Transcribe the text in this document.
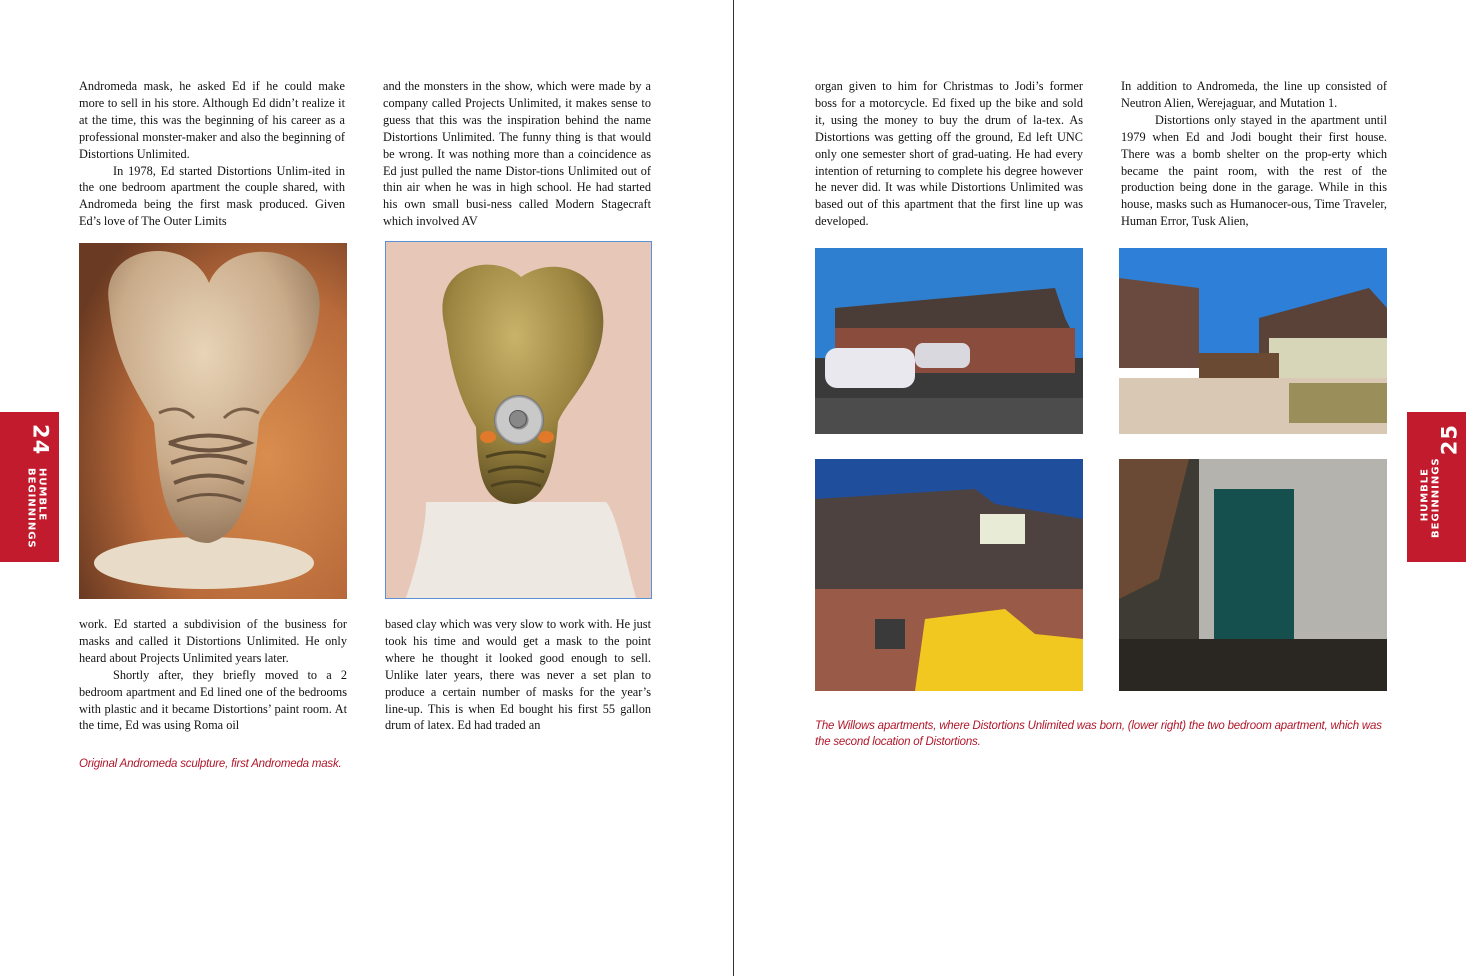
24
HUMBLE BEGINNINGS

Andromeda mask, he asked Ed if he could make more to sell in his store. Although Ed didn’t realize it at the time, this was the beginning of his career as a professional monster-maker and also the beginning of Distortions Unlimited.

In 1978, Ed started Distortions Unlim-ited in the one bedroom apartment the couple shared, with Andromeda being the first mask produced. Given Ed’s love of The Outer Limits

and the monsters in the show, which were made by a company called Projects Unlimited, it makes sense to guess that this was the inspiration behind the name Distortions Unlimited. The funny thing is that would be wrong. It was nothing more than a coincidence as Ed just pulled the name Distor-tions Unlimited out of thin air when he was in high school. He had started his own small busi-ness called Modern Stagecraft which involved AV

work. Ed started a subdivision of the business for masks and called it Distortions Unlimited. He only heard about Projects Unlimited years later.

Shortly after, they briefly moved to a 2 bedroom apartment and Ed lined one of the bedrooms with plastic and it became Distortions’ paint room. At the time, Ed was using Roma oil

based clay which was very slow to work with. He just took his time and would get a mask to the point where he thought it looked good enough to sell. Unlike later years, there was never a set plan to produce a certain number of masks for the year’s line-up. This is when Ed bought his first 55 gallon drum of latex. Ed had traded an

Original Andromeda sculpture, first Andromeda mask.
25
HUMBLE BEGINNINGS

organ given to him for Christmas to Jodi’s former boss for a motorcycle. Ed fixed up the bike and sold it, using the money to buy the drum of la-tex. As Distortions was getting off the ground, Ed left UNC only one semester short of grad-uating. He had every intention of returning to complete his degree however he never did. It was while Distortions Unlimited was based out of this apartment that the first line up was developed.

In addition to Andromeda, the line up consisted of Neutron Alien, Werejaguar, and Mutation 1.

Distortions only stayed in the apartment until 1979 when Ed and Jodi bought their first house. There was a bomb shelter on the prop-erty which became the paint room, with the rest of the production being done in the garage. While in this house, masks such as Humanocer-ous, Time Traveler, Human Error, Tusk Alien,

The Willows apartments, where Distortions Unlimited was born, (lower right) the two bedroom apartment, which was the second location of Distortions.
